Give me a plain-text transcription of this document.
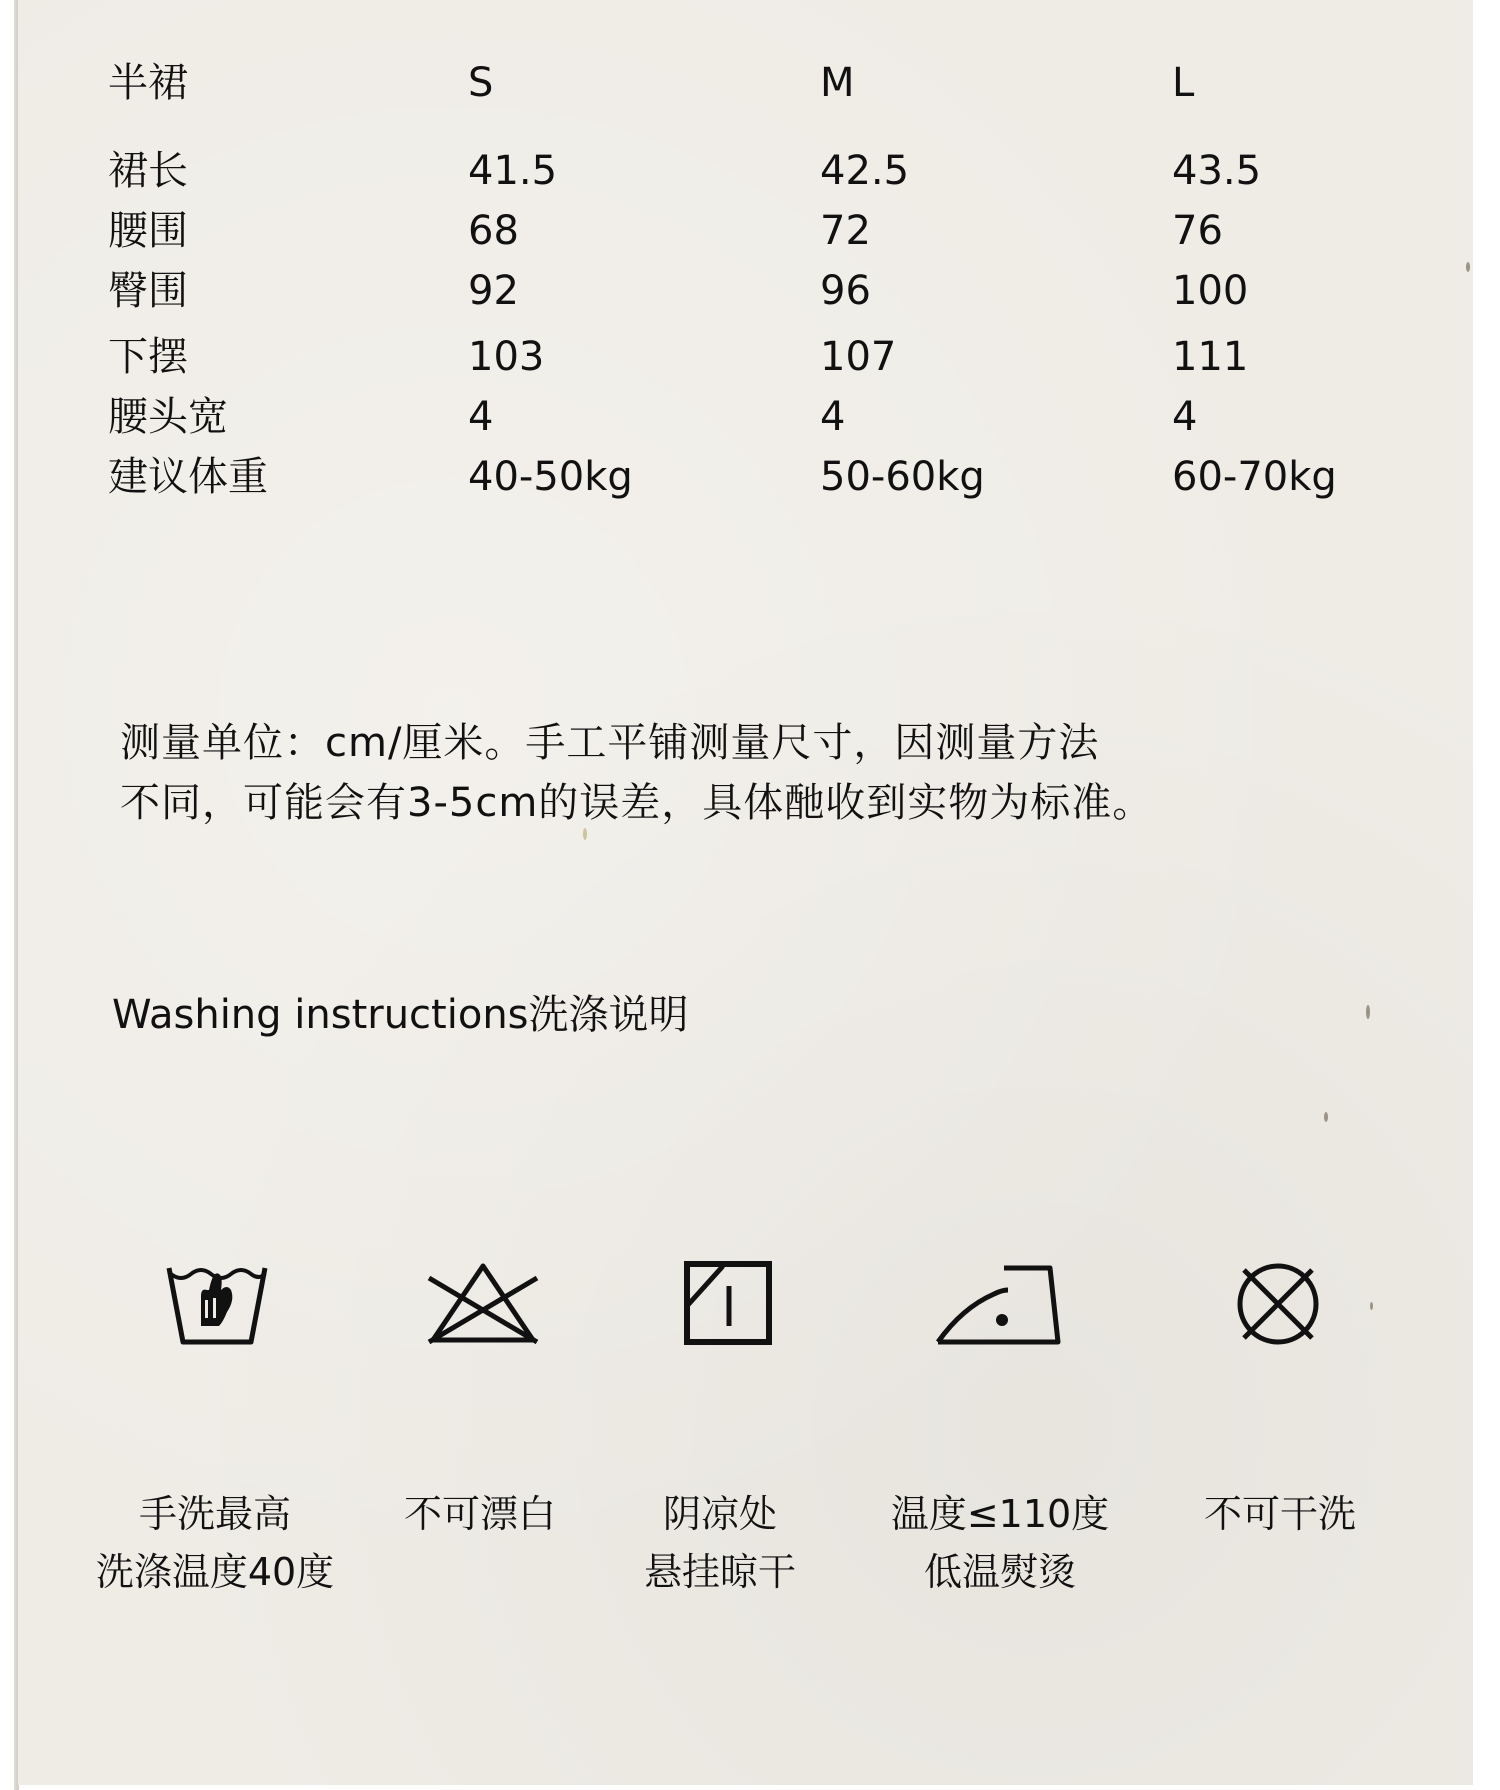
半裙	S	M	L
裙长	41.5	42.5	43.5
腰围	68	72	76
臀围	92	96	100
下摆	103	107	111
腰头宽	4	4	4
建议体重	40-50kg	50-60kg	60-70kg
测量单位：cm/厘米。手工平铺测量尺寸，因测量方法
不同，可能会有3-5cm的误差，具体酏收到实物为标准。
Washing instructions洗涤说明
手洗最高
洗涤温度40度
不可漂白	阴凉处
悬挂晾干
温度≤110度
低温熨烫
不可干洗
